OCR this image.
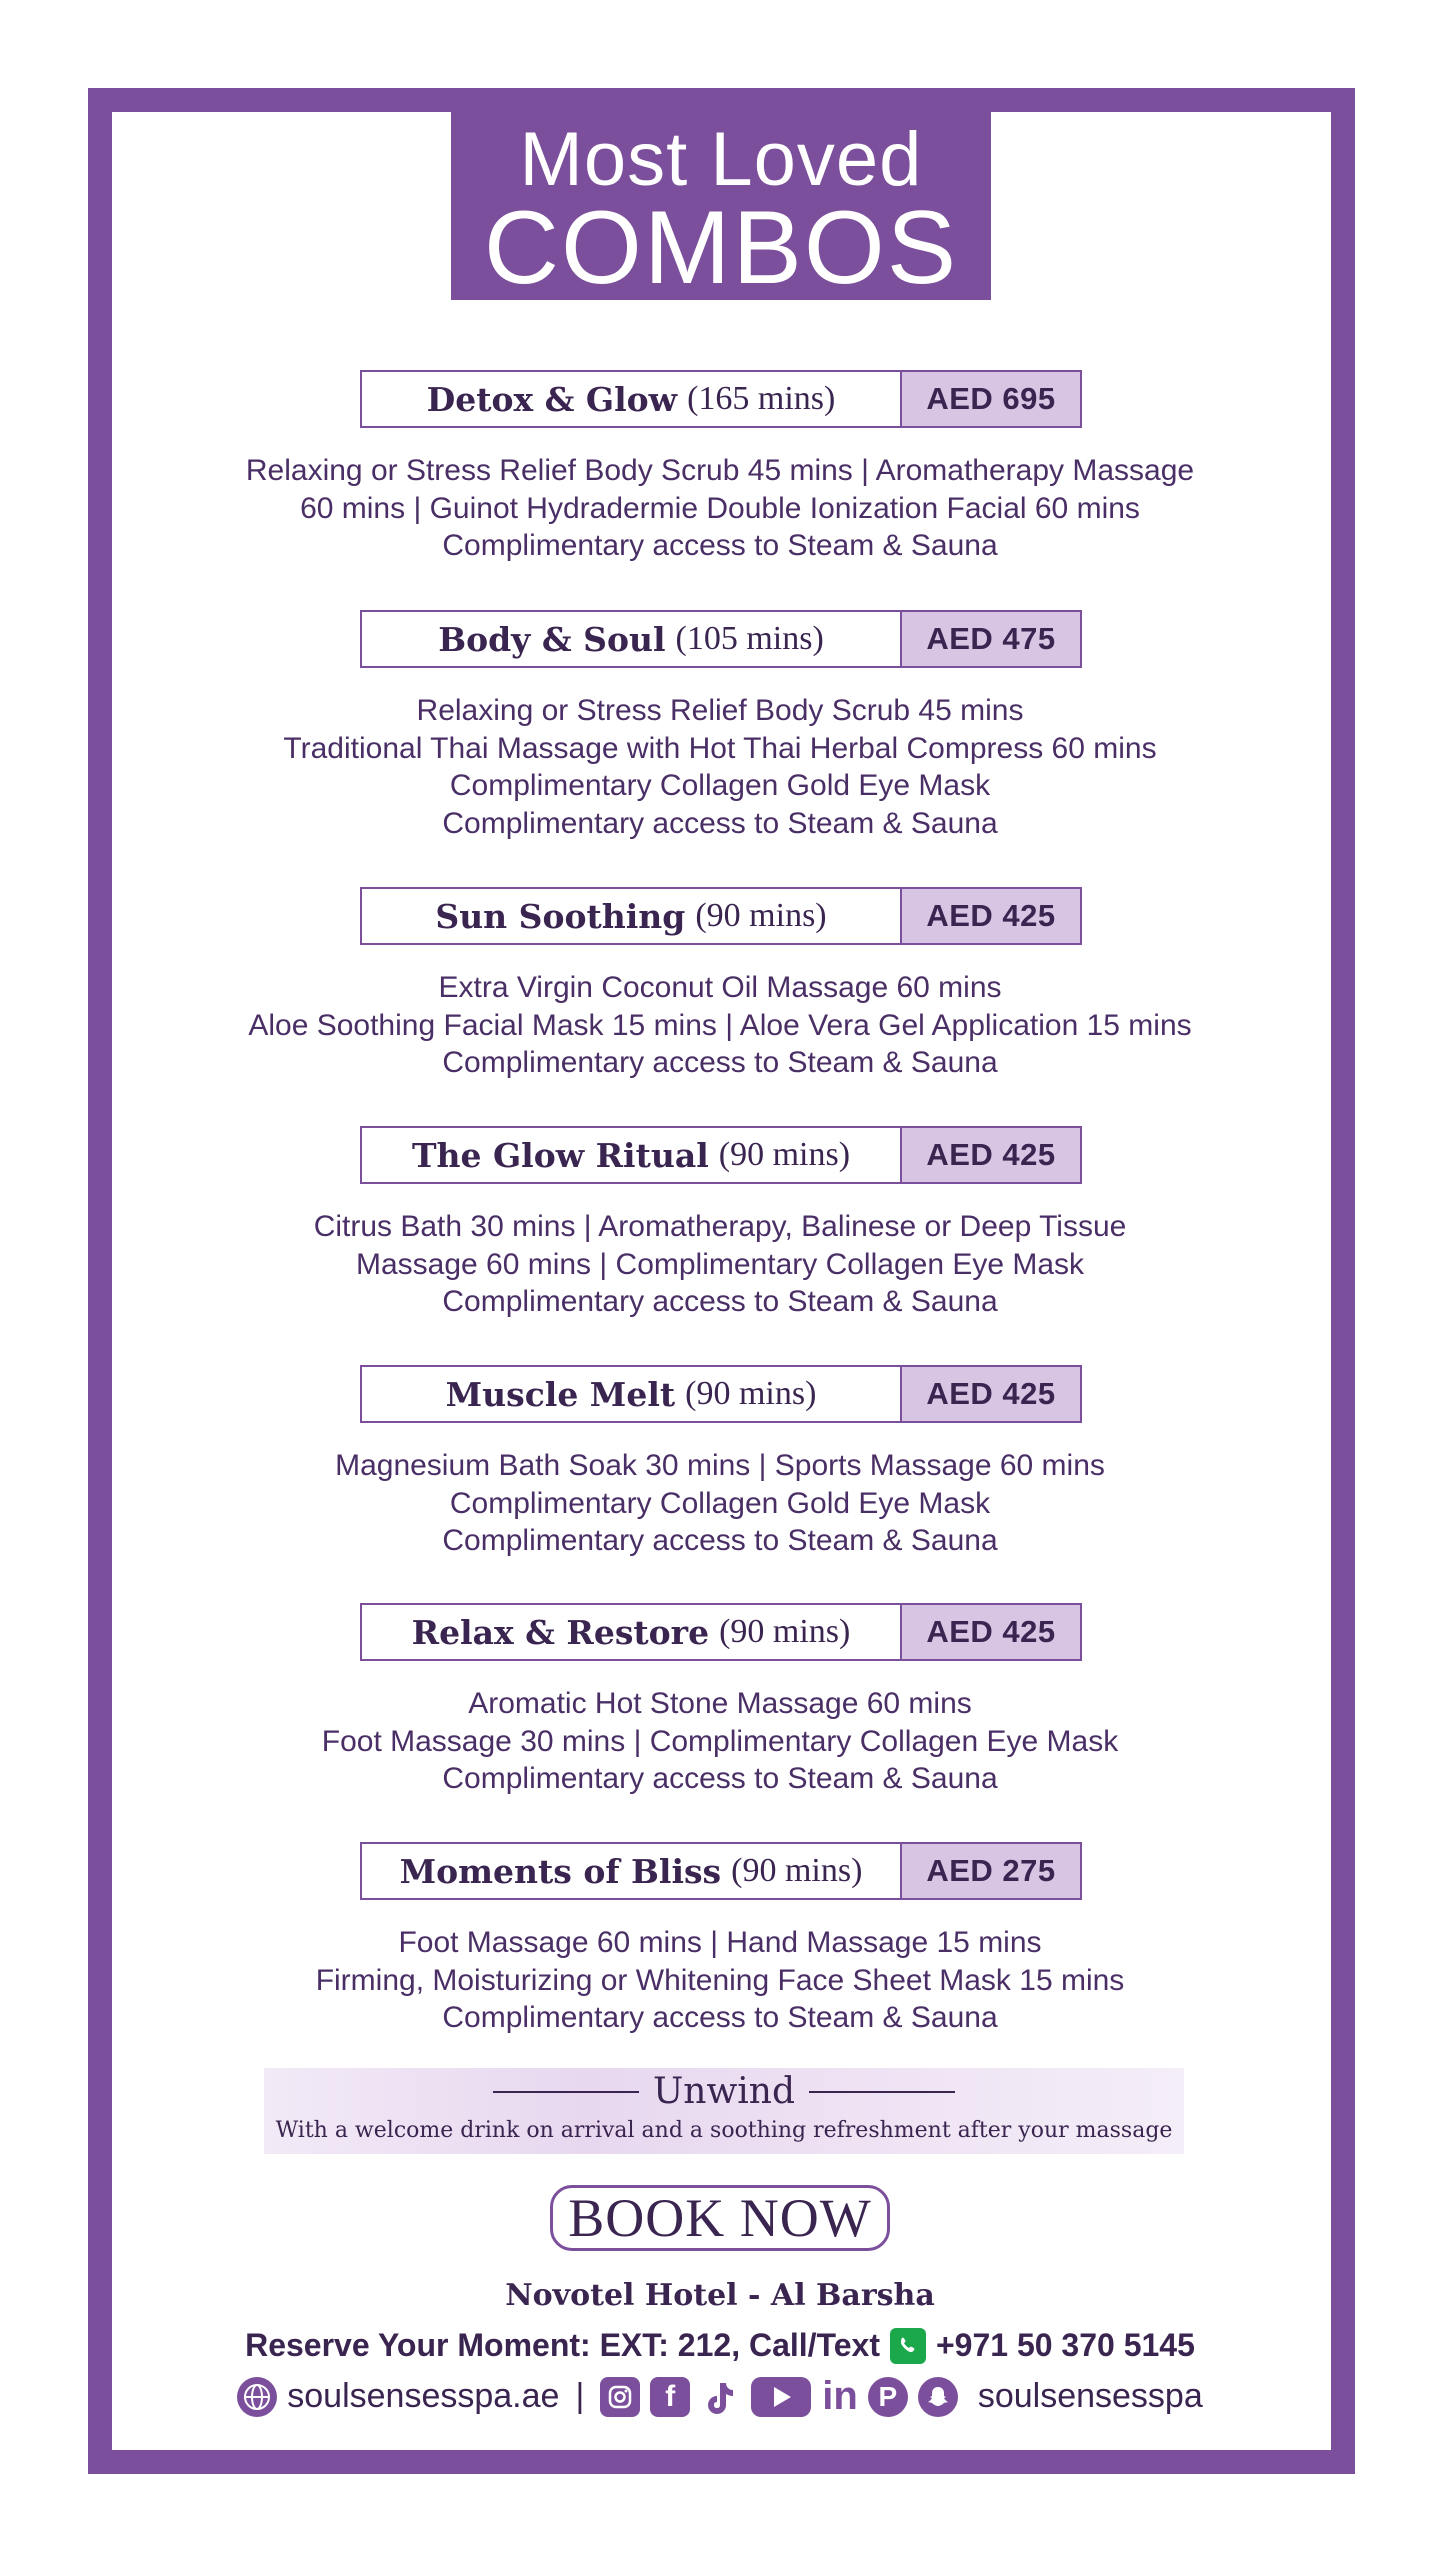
Most Loved
COMBOS
Detox & Glow (165 mins)	AED 695
Relaxing or Stress Relief Body Scrub 45 mins | Aromatherapy Massage
60 mins | Guinot Hydradermie Double Ionization Facial 60 mins
Complimentary access to Steam & Sauna
Body & Soul (105 mins)	AED 475
Relaxing or Stress Relief Body Scrub 45 mins
Traditional Thai Massage with Hot Thai Herbal Compress 60 mins
Complimentary Collagen Gold Eye Mask
Complimentary access to Steam & Sauna
Sun Soothing (90 mins)	AED 425
Extra Virgin Coconut Oil Massage 60 mins
Aloe Soothing Facial Mask 15 mins | Aloe Vera Gel Application 15 mins
Complimentary access to Steam & Sauna
The Glow Ritual (90 mins)	AED 425
Citrus Bath 30 mins | Aromatherapy, Balinese or Deep Tissue
Massage 60 mins | Complimentary Collagen Eye Mask
Complimentary access to Steam & Sauna
Muscle Melt (90 mins)	AED 425
Magnesium Bath Soak 30 mins | Sports Massage 60 mins
Complimentary Collagen Gold Eye Mask
Complimentary access to Steam & Sauna
Relax & Restore (90 mins)	AED 425
Aromatic Hot Stone Massage 60 mins
Foot Massage 30 mins | Complimentary Collagen Eye Mask
Complimentary access to Steam & Sauna
Moments of Bliss (90 mins)	AED 275
Foot Massage 60 mins | Hand Massage 15 mins
Firming, Moisturizing or Whitening Face Sheet Mask 15 mins
Complimentary access to Steam & Sauna
Unwind
With a welcome drink on arrival and a soothing refreshment after your massage
BOOK NOW
Novotel Hotel - Al Barsha
Reserve Your Moment: EXT: 212, Call/Text +971 50 370 5145
soulsensesspa.ae |	f	in P	soulsensesspa
